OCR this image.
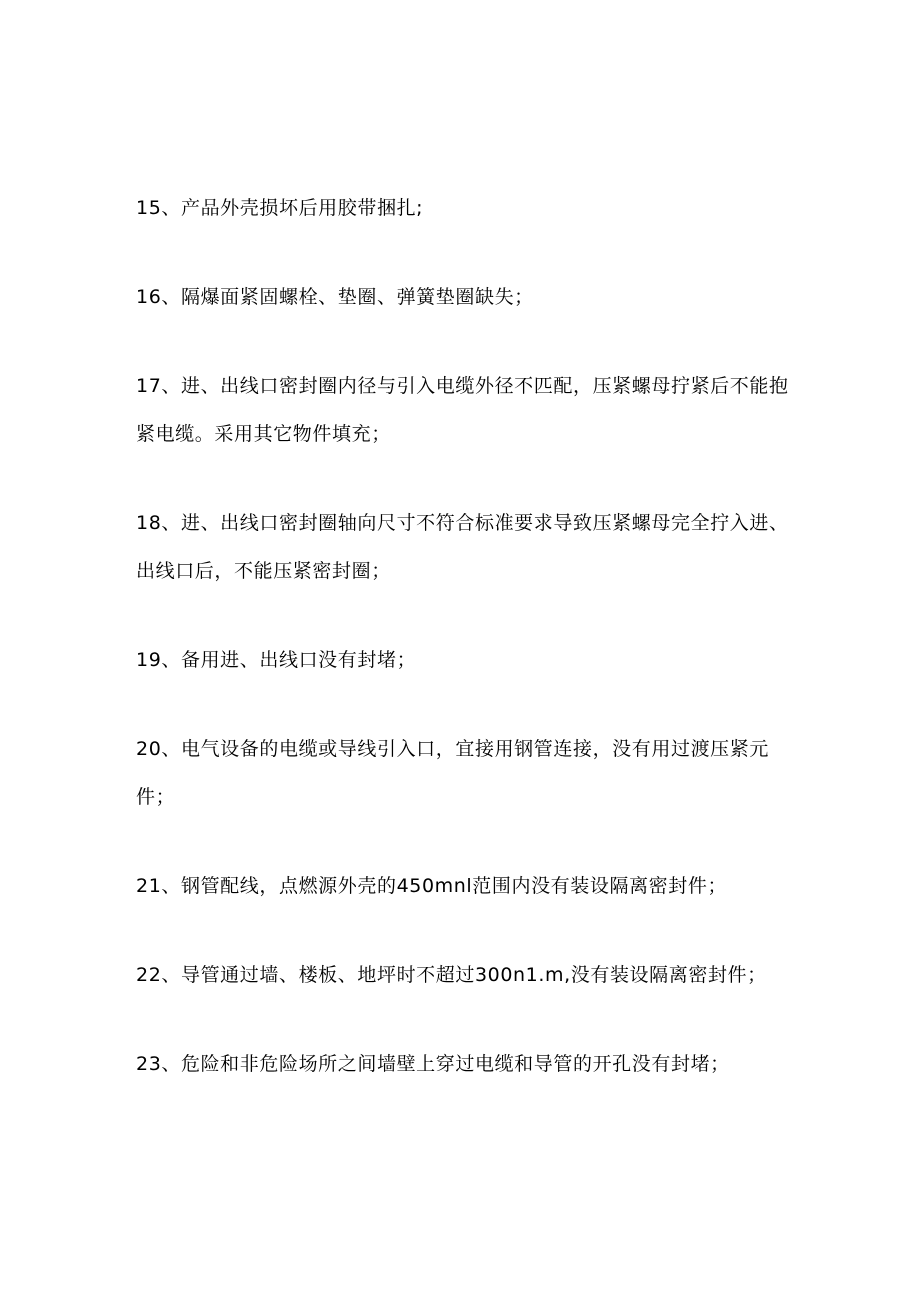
15、产品外壳损坏后用胶带捆扎;
16、隔爆面紧固螺栓、垫圈、弹簧垫圈缺失；
17、进、出线口密封圈内径与引入电缆外径不匹配，压紧螺母拧紧后不能抱紧电缆。采用其它物件填充；
18、进、出线口密封圈轴向尺寸不符合标准要求导致压紧螺母完全拧入进、出线口后，不能压紧密封圈；
19、备用进、出线口没有封堵；
20、电气设备的电缆或导线引入口，宜接用钢管连接，没有用过渡压紧元件；
21、钢管配线，点燃源外壳的450mnl范围内没有装设隔离密封件；
22、导管通过墙、楼板、地坪时不超过300n1.m,没有装设隔离密封件；
23、危险和非危险场所之间墙壁上穿过电缆和导管的开孔没有封堵；
